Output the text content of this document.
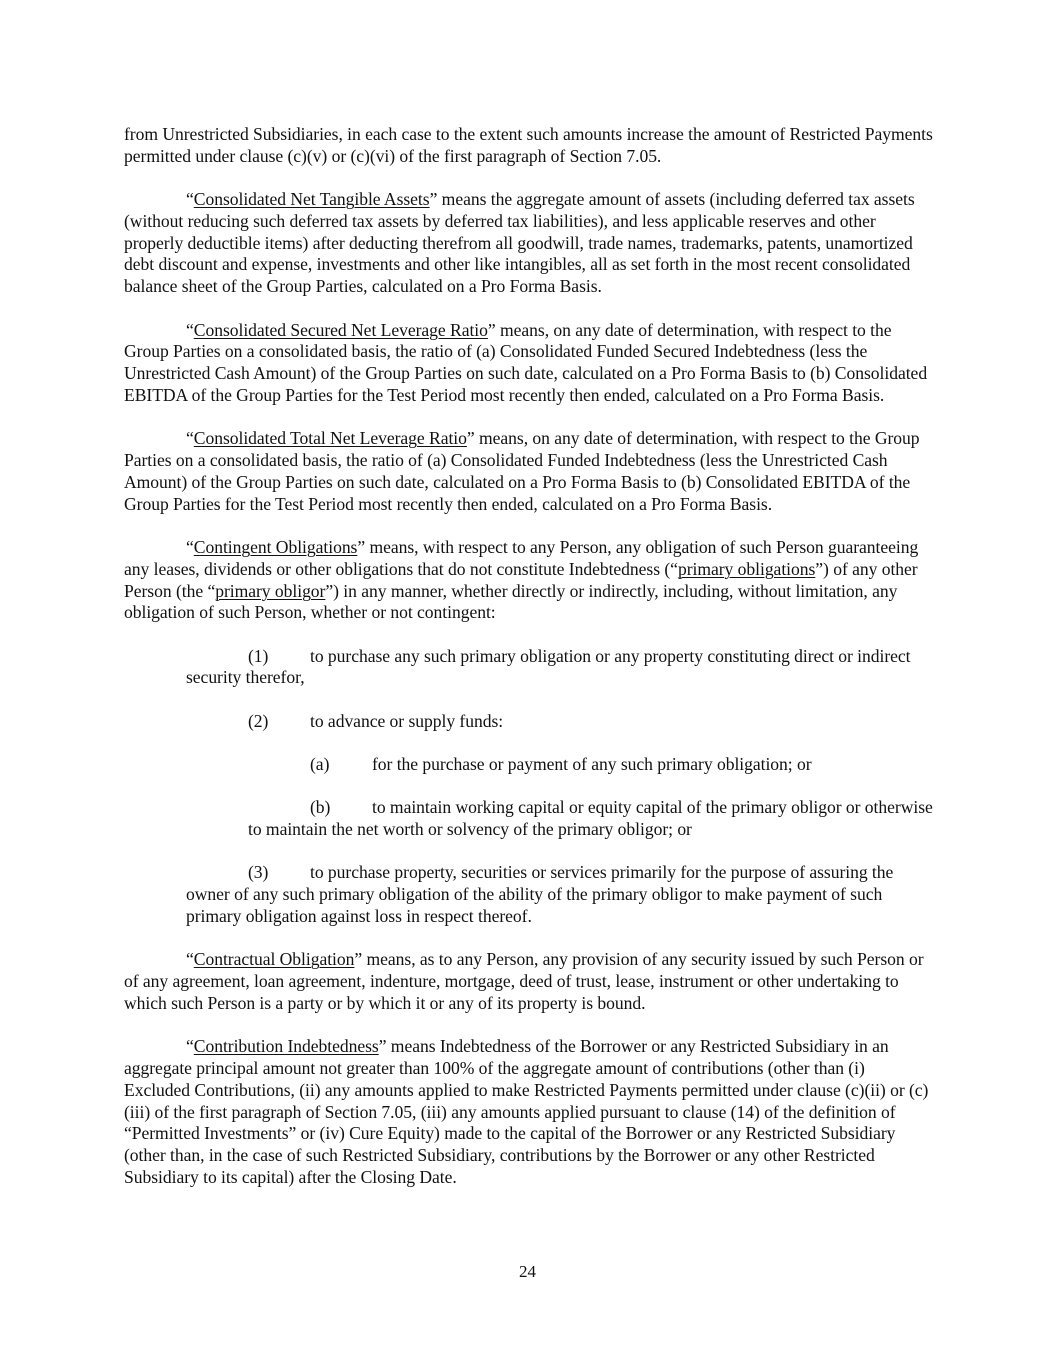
from Unrestricted Subsidiaries, in each case to the extent such amounts increase the amount of Restricted Payments permitted under clause (c)(v) or (c)(vi) of the first paragraph of Section 7.05.

“Consolidated Net Tangible Assets” means the aggregate amount of assets (including deferred tax assets (without reducing such deferred tax assets by deferred tax liabilities), and less applicable reserves and other properly deductible items) after deducting therefrom all goodwill, trade names, trademarks, patents, unamortized debt discount and expense, investments and other like intangibles, all as set forth in the most recent consolidated balance sheet of the Group Parties, calculated on a Pro Forma Basis.

“Consolidated Secured Net Leverage Ratio” means, on any date of determination, with respect to the Group Parties on a consolidated basis, the ratio of (a) Consolidated Funded Secured Indebtedness (less the Unrestricted Cash Amount) of the Group Parties on such date, calculated on a Pro Forma Basis to (b) Consolidated EBITDA of the Group Parties for the Test Period most recently then ended, calculated on a Pro Forma Basis.

“Consolidated Total Net Leverage Ratio” means, on any date of determination, with respect to the Group Parties on a consolidated basis, the ratio of (a) Consolidated Funded Indebtedness (less the Unrestricted Cash Amount) of the Group Parties on such date, calculated on a Pro Forma Basis to (b) Consolidated EBITDA of the Group Parties for the Test Period most recently then ended, calculated on a Pro Forma Basis.

“Contingent Obligations” means, with respect to any Person, any obligation of such Person guaranteeing any leases, dividends or other obligations that do not constitute Indebtedness (“primary obligations”) of any other Person (the “primary obligor”) in any manner, whether directly or indirectly, including, without limitation, any obligation of such Person, whether or not contingent:

(1) to purchase any such primary obligation or any property constituting direct or indirect security therefor,

(2) to advance or supply funds:

(a) for the purchase or payment of any such primary obligation; or

(b) to maintain working capital or equity capital of the primary obligor or otherwise to maintain the net worth or solvency of the primary obligor; or

(3) to purchase property, securities or services primarily for the purpose of assuring the owner of any such primary obligation of the ability of the primary obligor to make payment of such primary obligation against loss in respect thereof.

“Contractual Obligation” means, as to any Person, any provision of any security issued by such Person or of any agreement, loan agreement, indenture, mortgage, deed of trust, lease, instrument or other undertaking to which such Person is a party or by which it or any of its property is bound.

“Contribution Indebtedness” means Indebtedness of the Borrower or any Restricted Subsidiary in an aggregate principal amount not greater than 100% of the aggregate amount of contributions (other than (i) Excluded Contributions, (ii) any amounts applied to make Restricted Payments permitted under clause (c)(ii) or (c)(iii) of the first paragraph of Section 7.05, (iii) any amounts applied pursuant to clause (14) of the definition of “Permitted Investments” or (iv) Cure Equity) made to the capital of the Borrower or any Restricted Subsidiary (other than, in the case of such Restricted Subsidiary, contributions by the Borrower or any other Restricted Subsidiary to its capital) after the Closing Date.

24
